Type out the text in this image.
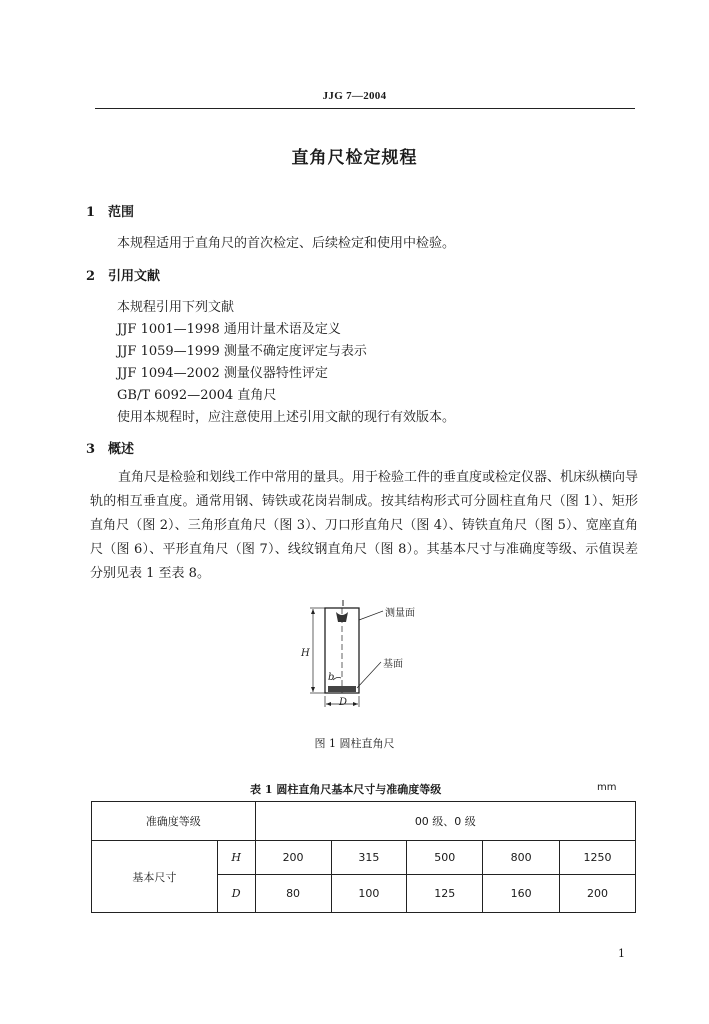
JJG 7—2004
直角尺检定规程
1 范围
本规程适用于直角尺的首次检定、后续检定和使用中检验。
2 引用文献
本规程引用下列文献
JJF 1001—1998 通用计量术语及定义
JJF 1059—1999 测量不确定度评定与表示
JJF 1094—2002 测量仪器特性评定
GB/T 6092—2004 直角尺
使用本规程时，应注意使用上述引用文献的现行有效版本。
3 概述
直角尺是检验和划线工作中常用的量具。用于检验工件的垂直度或检定仪器、机床纵横向导轨的相互垂直度。通常用钢、铸铁或花岗岩制成。按其结构形式可分圆柱直角尺（图 1）、矩形直角尺（图 2）、三角形直角尺（图 3）、刀口形直角尺（图 4）、铸铁直角尺（图 5）、宽座直角尺（图 6）、平形直角尺（图 7）、线纹钢直角尺（图 8）。其基本尺寸与准确度等级、示值误差分别见表 1 至表 8。
H
D
b
测量面
基面
图 1 圆柱直角尺
表 1 圆柱直角尺基本尺寸与准确度等级	mm
准确度等级		00 级、0 级				
基本尺寸	H	200	315	500	800	1250
	D	80	100	125	160	200
1
